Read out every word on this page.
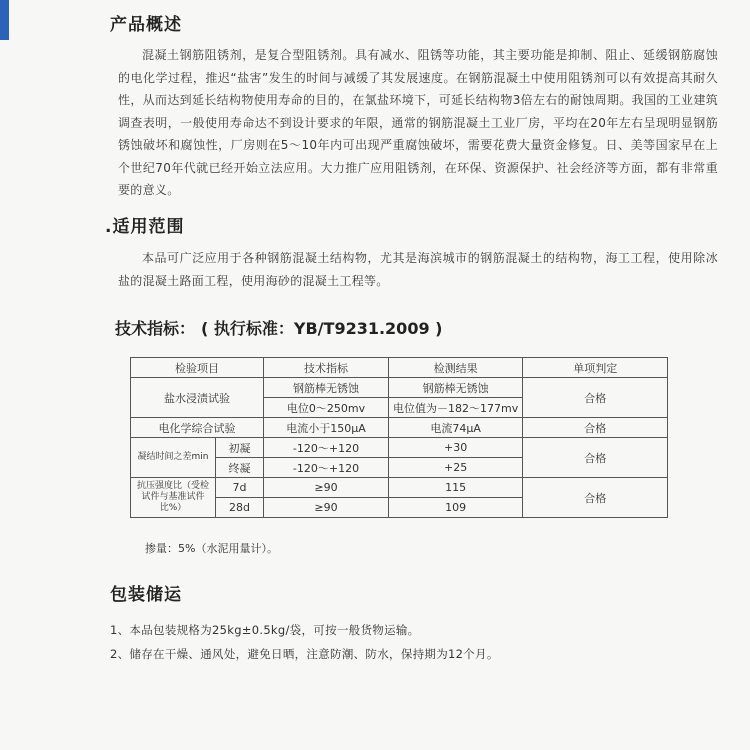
产品概述

混凝土钢筋阻锈剂，是复合型阻锈剂。具有减水、阻锈等功能，其主要功能是抑制、阻止、延缓钢筋腐蚀的电化学过程，推迟“盐害”发生的时间与减缓了其发展速度。在钢筋混凝土中使用阻锈剂可以有效提高其耐久性，从而达到延长结构物使用寿命的目的，在氯盐环境下，可延长结构物3倍左右的耐蚀周期。我国的工业建筑调查表明，一般使用寿命达不到设计要求的年限，通常的钢筋混凝土工业厂房，平均在20年左右呈现明显钢筋锈蚀破坏和腐蚀性，厂房则在5～10年内可出现严重腐蚀破坏，需要花费大量资金修复。日、美等国家早在上个世纪70年代就已经开始立法应用。大力推广应用阻锈剂，在环保、资源保护、社会经济等方面，都有非常重要的意义。

.适用范围

本品可广泛应用于各种钢筋混凝土结构物，尤其是海滨城市的钢筋混凝土的结构物，海工工程，使用除冰盐的混凝土路面工程，使用海砂的混凝土工程等。

技术指标： ( 执行标准：YB/T9231.2009 )
检验项目		技术指标	检测结果	单项判定
盐水浸渍试验		钢筋棒无锈蚀	钢筋棒无锈蚀	合格
		电位0～250mv	电位值为－182～177mv	
电化学综合试验		电流小于150μA	电流74μA	合格
凝结时间之差min	初凝	-120～+120	+30	合格
	终凝	-120～+120	+25	
抗压强度比（受检试件与基准试件比%）	7d	≥90	115	合格
	28d	≥90	109	

掺量：5%（水泥用量计）。

包装储运

1、本品包装规格为25kg±0.5kg/袋，可按一般货物运输。

2、储存在干燥、通风处，避免日晒，注意防潮、防水，保持期为12个月。
